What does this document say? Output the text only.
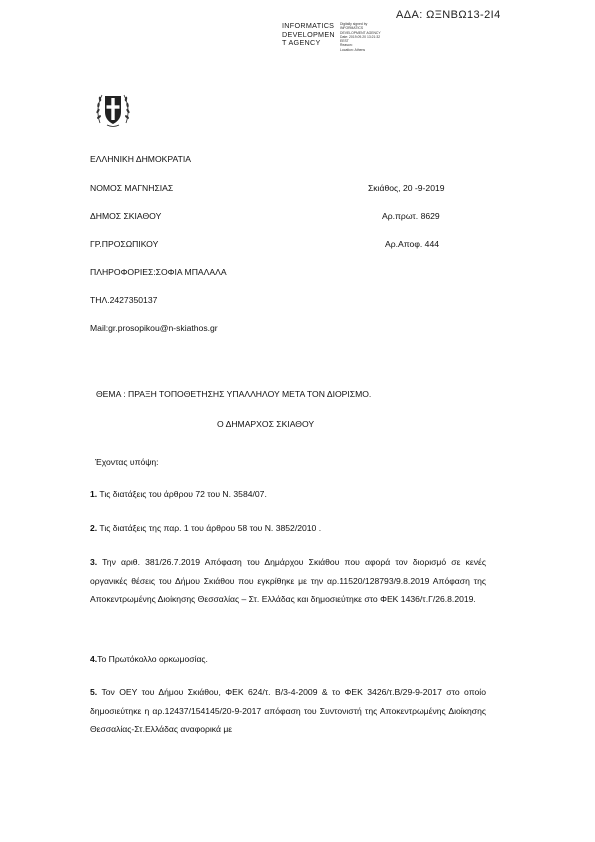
ΑΔΑ: ΩΞΝΒΩ13-2Ι4
INFORMATICS
DEVELOPMEN
T AGENCY
Digitally signed by
INFORMATICS
DEVELOPMENT AGENCY
Date: 2019.09.20 13:21:32
EEST
Reason:
Location: Athens
ΕΛΛΗΝΙΚΗ ΔΗΜΟΚΡΑΤΙΑ
ΝΟΜΟΣ ΜΑΓΝΗΣΙΑΣ
ΔΗΜΟΣ ΣΚΙΑΘΟΥ
ΓΡ.ΠΡΟΣΩΠΙΚΟΥ
ΠΛΗΡΟΦΟΡΙΕΣ:ΣΟΦΙΑ ΜΠΑΛΑΛΑ
ΤΗΛ.2427350137
Mail:gr.prosopikou@n-skiathos.gr
Σκιάθος, 20 -9-2019
Αρ.πρωτ. 8629
Αρ.Αποφ. 444
ΘΕΜΑ : ΠΡΑΞΗ ΤΟΠΟΘΕΤΗΣΗΣ ΥΠΑΛΛΗΛΟΥ ΜΕΤΑ ΤΟΝ ΔΙΟΡΙΣΜΟ.
Ο ΔΗΜΑΡΧΟΣ ΣΚΙΑΘΟΥ
Έχοντας υπόψη:
1. Τις διατάξεις του άρθρου 72 του Ν. 3584/07.
2. Τις διατάξεις της παρ. 1 του άρθρου 58 του Ν. 3852/2010 .
3. Την αριθ. 381/26.7.2019 Απόφαση του Δημάρχου Σκιάθου που αφορά τον διορισμό σε κενές οργανικές θέσεις του Δήμου Σκιάθου που εγκρίθηκε με την αρ.11520/128793/9.8.2019 Απόφαση της Αποκεντρωμένης Διοίκησης Θεσσαλίας – Στ. Ελλάδας και δημοσιεύτηκε στο ΦΕΚ 1436/τ.Γ/26.8.2019.
4.Το Πρωτόκολλο ορκωμοσίας.
5. Τον ΟΕΥ του Δήμου Σκιάθου, ΦΕΚ 624/τ. Β/3-4-2009 & το ΦΕΚ 3426/τ.Β/29-9-2017 στο οποίο δημοσιεύτηκε η αρ.12437/154145/20-9-2017 απόφαση του Συντονιστή της Αποκεντρωμένης Διοίκησης Θεσσαλίας-Στ.Ελλάδας αναφορικά με
